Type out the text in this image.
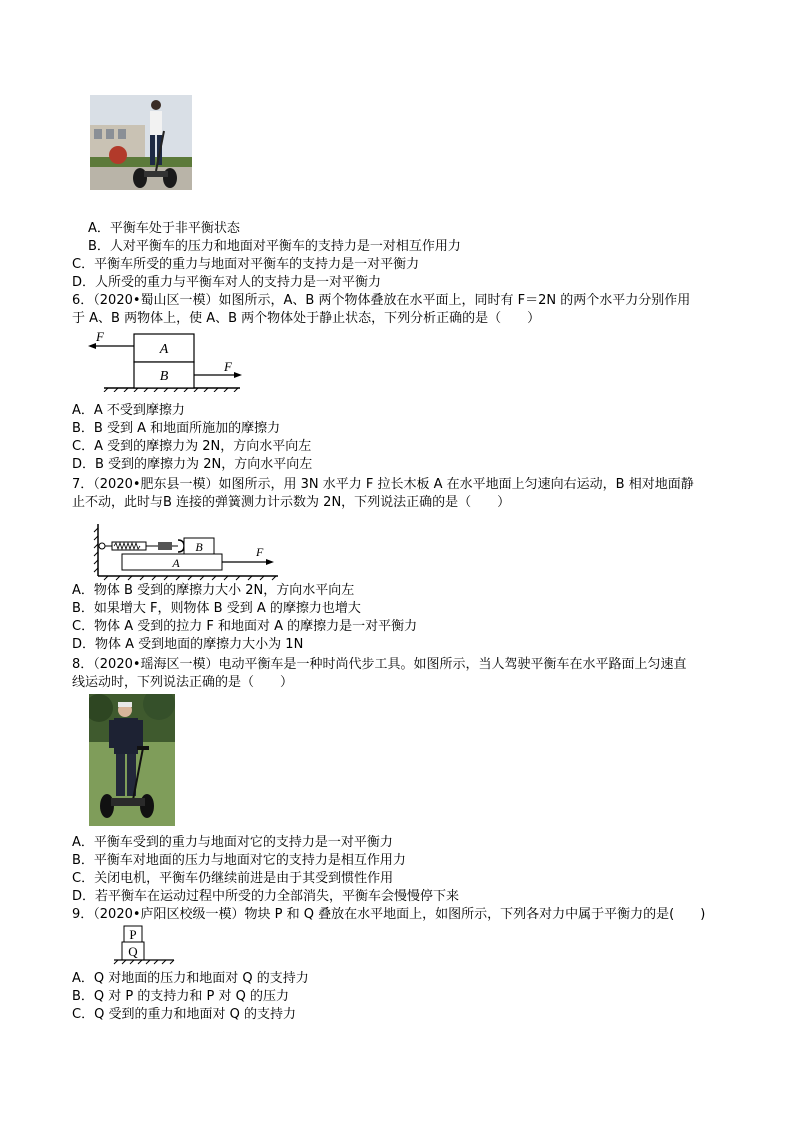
A．平衡车处于非平衡状态
B．人对平衡车的压力和地面对平衡车的支持力是一对相互作用力
C．平衡车所受的重力与地面对平衡车的支持力是一对平衡力
D．人所受的重力与平衡车对人的支持力是一对平衡力
6．（2020•蜀山区一模）如图所示，A、B 两个物体叠放在水平面上，同时有 F＝2N 的两个水平力分别作用
于 A、B 两物体上，使 A、B 两个物体处于静止状态，下列分析正确的是（　　）
A
B
F
F
A．A 不受到摩擦力
B．B 受到 A 和地面所施加的摩擦力
C．A 受到的摩擦力为 2N，方向水平向左
D．B 受到的摩擦力为 2N，方向水平向左
7．（2020•肥东县一模）如图所示，用 3N 水平力 F 拉长木板 A 在水平地面上匀速向右运动，B 相对地面静
止不动，此时与B 连接的弹簧测力计示数为 2N，下列说法正确的是（　　）
B
A
F
A．物体 B 受到的摩擦力大小 2N，方向水平向左
B．如果增大 F，则物体 B 受到 A 的摩擦力也增大
C．物体 A 受到的拉力 F 和地面对 A 的摩擦力是一对平衡力
D．物体 A 受到地面的摩擦力大小为 1N
8．（2020•瑶海区一模）电动平衡车是一种时尚代步工具。如图所示，当人驾驶平衡车在水平路面上匀速直
线运动时，下列说法正确的是（　　）
A．平衡车受到的重力与地面对它的支持力是一对平衡力
B．平衡车对地面的压力与地面对它的支持力是相互作用力
C．关闭电机，平衡车仍继续前进是由于其受到惯性作用
D．若平衡车在运动过程中所受的力全部消失，平衡车会慢慢停下来
9．（2020•庐阳区校级一模）物块 P 和 Q 叠放在水平地面上，如图所示，下列各对力中属于平衡力的是(　　)
P
Q
A．Q 对地面的压力和地面对 Q 的支持力
B．Q 对 P 的支持力和 P 对 Q 的压力
C．Q 受到的重力和地面对 Q 的支持力
